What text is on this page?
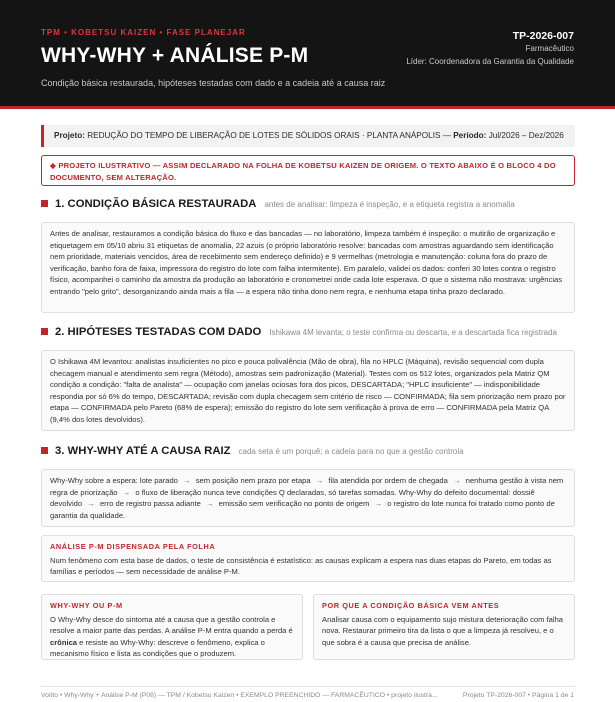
TPM • KOBETSU KAIZEN • FASE PLANEJAR
WHY-WHY + ANÁLISE P-M
Condição básica restaurada, hipóteses testadas com dado e a cadeia até a causa raiz
TP-2026-007
Farmacêutico
Líder: Coordenadora da Garantia da Qualidade
Projeto: REDUÇÃO DO TEMPO DE LIBERAÇÃO DE LOTES DE SÓLIDOS ORAIS · PLANTA ANÁPOLIS — Período: Jul/2026 – Dez/2026
◆ PROJETO ILUSTRATIVO — ASSIM DECLARADO NA FOLHA DE KOBETSU KAIZEN DE ORIGEM. O TEXTO ABAIXO É O BLOCO 4 DO DOCUMENTO, SEM ALTERAÇÃO.
1. CONDIÇÃO BÁSICA RESTAURADA antes de analisar: limpeza é inspeção, e a etiqueta registra a anomalia
Antes de analisar, restauramos a condição básica do fluxo e das bancadas — no laboratório, limpeza também é inspeção: o mutirão de organização e etiquetagem em 05/10 abriu 31 etiquetas de anomalia, 22 azuis (o próprio laboratório resolve: bancadas com amostras aguardando sem identificação nem prioridade, materiais vencidos, área de recebimento sem endereço definido) e 9 vermelhas (metrologia e manutenção: coluna fora do prazo de verificação, banho fora de faixa, impressora do registro do lote com falha intermitente). Em paralelo, validei os dados: conferi 30 lotes contra o registro físico, acompanhei o caminho da amostra da produção ao laboratório e cronometrei onde cada lote esperava. O que o sistema não mostrava: urgências entrando "pelo grito", desorganizando ainda mais a fila — a espera não tinha dono nem regra, e nenhuma etapa tinha prazo declarado.
2. HIPÓTESES TESTADAS COM DADO Ishikawa 4M levanta; o teste confirma ou descarta, e a descartada fica registrada
O Ishikawa 4M levantou: analistas insuficientes no pico e pouca polivalência (Mão de obra), fila no HPLC (Máquina), revisão sequencial com dupla checagem manual e atendimento sem regra (Método), amostras sem padronização (Material). Testes com os 512 lotes, organizados pela Matriz QM condição a condição: "falta de analista" — ocupação com janelas ociosas fora dos picos, DESCARTADA; "HPLC insuficiente" — indisponibilidade respondia por só 6% do tempo, DESCARTADA; revisão com dupla checagem sem critério de risco — CONFIRMADA; fila sem priorização nem prazo por etapa — CONFIRMADA pelo Pareto (68% de espera); emissão do registro do lote sem verificação à prova de erro — CONFIRMADA pela Matriz QA (9,4% dos lotes devolvidos).
3. WHY-WHY ATÉ A CAUSA RAIZ cada seta é um porquê; a cadeia para no que a gestão controla
Why-Why sobre a espera: lote parado → sem posição nem prazo por etapa → fila atendida por ordem de chegada → nenhuma gestão à vista nem regra de priorização → o fluxo de liberação nunca teve condições Q declaradas, só tarefas somadas. Why-Why do defeito documental: dossiê devolvido → erro de registro passa adiante → emissão sem verificação no ponto de origem → o registro do lote nunca foi tratado como ponto de garantia da qualidade.
ANÁLISE P-M DISPENSADA PELA FOLHA
Num fenômeno com esta base de dados, o teste de consistência é estatístico: as causas explicam a espera nas duas etapas do Pareto, em todas as famílias e períodos — sem necessidade de análise P-M.
WHY-WHY OU P-M
O Why-Why desce do sintoma até a causa que a gestão controla e resolve a maior parte das perdas. A análise P-M entra quando a perda é crônica e resiste ao Why-Why: descreve o fenômeno, explica o mecanismo físico e lista as condições que o produzem.
POR QUE A CONDIÇÃO BÁSICA VEM ANTES
Analisar causa com o equipamento sujo mistura deterioração com falha nova. Restaurar primeiro tira da lista o que a limpeza já resolveu, e o que sobra é a causa que precisa de análise.
Voitto • Why-Why + Análise P-M (P08) — TPM / Kobetsu Kaizen • EXEMPLO PREENCHIDO — FARMACÊUTICO • projeto ilustra...	Projeto TP-2026-007 • Página 1 de 1
